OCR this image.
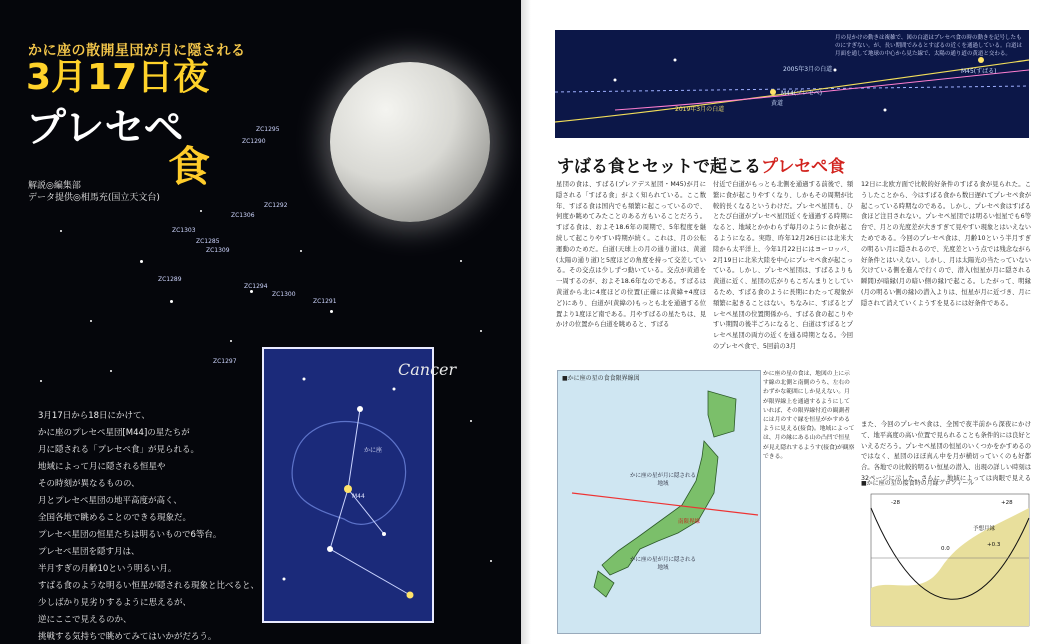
かに座の散開星団が月に隠される
3月17日夜
プレセペ
食
解説◎編集部
データ提供◎相馬充(国立天文台)
ZC1295
ZC1290
ZC1292
ZC1306
ZC1303
ZC1285
ZC1309
ZC1289
ZC1294
ZC1300
ZC1291
ZC1297
かに座
M44
Cancer
3月17日から18日にかけて、
かに座のプレセペ星団[M44]の星たちが
月に隠される「プレセペ食」が見られる。
地域によって月に隠される恒星や
その時刻が異なるものの、
月とプレセペ星団の地平高度が高く、
全国各地で眺めることのできる現象だ。
プレセペ星団の恒星たちは明るいもので6等台。
プレセペ星団を隠す月は、
半月すぎの月齢10という明るい月。
すばる食のような明るい恒星が隠される現象と比べると、
少しばかり見劣りするように思えるが、
逆にここで見えるのか、
挑戦する気持ちで眺めてみてはいかがだろう。
月の見かけの動きは複雑で、図の白道はプレセペ食の時の動きを記号したものにすぎない。が、長い期間でみるとすばるの近くを通過している。白道は月面を通して地球の中心から見た線で、太陽の通り道の黄道と交わる。
M44(プレセペ)
M45(すばる)
2005年3月の白道
2019年3月の白道
黄道
すばる食とセットで起こるプレセペ食
星団の食は、すばる(プレアデス星団・M45)が月に隠される「すばる食」がよく知られている。ここ数年、すばる食は国内でも頻繁に起こっているので、何度か眺めてみたことのある方もいることだろう。すばる食は、およそ18.6年の周期で、5年程度を継続して起こりやすい時期が続く。これは、月の公転運動のためだ。白道(天球上の月の通り道)は、黄道(太陽の通り道)と5度ほどの角度を持って交差している。その交点は少しずつ動いている。交点が黄道を一周するのが、およそ18.6年なのである。すばるは黄道から北に4度ほどの位置(正確には黄緯+4度ほど)にあり、白道が(黄緯の)もっとも北を通過する位置より1度ほど南である。月やすばるの星たちは、見かけの位置から白道を眺めると、すばる
付近で白道がもっとも北側を通過する前後で、頻繁に食が起こりやすくなり、しかもその周期が比較的長くなるというわけだ。プレセペ星団も、ひとたび白道がプレセペ星団近くを通過する時期になると、地域とかかわらず毎月のように食が起こるようになる。実際、昨年12月26日には北米大陸から太平洋上、今年1月22日にはヨーロッパ、2月19日に北米大陸を中心にプレセペ食が起こっている。しかし、プレセペ星団は、すばるよりも黄道に近く、星団の広がりもこぢんまりとしているため、すばる食のように長期にわたって現象が頻繁に起きることはない。ちなみに、すばるとプレセペ星団の位置関係から、すばる食の起こりやすい期間の後半ごろになると、白道はすばるとプレセペ星団の両方の近くを通る時期となる。今回のプレセペ食で、5回前の3月
12日に北欧方面で比較的好条件のすばる食が見られた。こうしたことから、今はすばる食から数日遅れてプレセペ食が起こっている時期なのである。しかし、プレセペ食はすばる食ほど注目されない。プレセペ星団では明るい恒星でも6等台で、月との光度差が大きすぎて見やすい現象とはいえないためである。今回のプレセペ食は、月齢10という半月すぎの明るい月に隠されるので、光度差という点では残念ながら好条件とはいえない。しかし、月は太陽光の当たっていない欠けている側を進んで行くので、潜入(恒星が月に隠される瞬間)が暗縁(月の暗い側の縁)で起こる。したがって、明縁(月の明るい側の縁)の潜入よりは、恒星が月に近づき、月に隠されて消えていくようすを見るには好条件である。
また、今回のプレセペ食は、全国で夜半前から深夜にかけて、地平高度の高い位置で見られることも条件的には良好といえるだろう。プレセペ星団の恒星のいくつかをかすめるのではなく、星団のほぼ真ん中を月が横切っていくのも好都合。各地での比較的明るい恒星の潜入、出現の詳しい時刻は32ページに示した。さらに、地域によっては肉眼で見える
■かに座の星の食食限界線図
かに座の星が月に隠される地域
南限界線
かに座の星が月に隠される地域
かに座の星の食は、地図の上に示す線の北側と南側のうち、左右のわずかな範囲にしか見えない。月が限界線上を通過するようにしていれば、その限界線付近の観測者には月のすぐ縁を恒星がかすめるように見える(接食)。地域によっては、月の縁にある山の凸凹で恒星が見え隠れするようす(接食)が観察できる。
■かに座の星の接食時の月縁プロフィール
予想月縁
+28
-28
+0.3
0.0
